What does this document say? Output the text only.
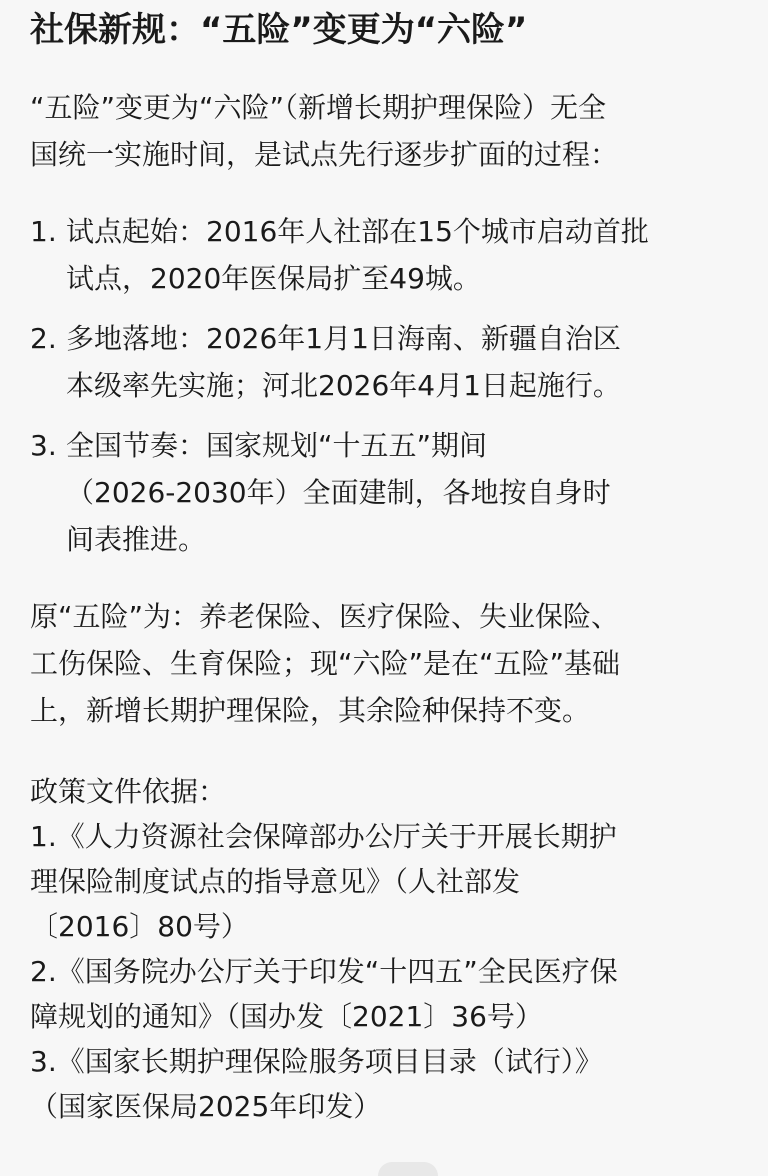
社保新规：“五险”变更为“六险”

“五险”变更为“六险”（新增长期护理保险）无全
国统一实施时间，是试点先行逐步扩面的过程：

1. 试点起始：2016年人社部在15个城市启动首批
试点，2020年医保局扩至49城。
2. 多地落地：2026年1月1日海南、新疆自治区
本级率先实施；河北2026年4月1日起施行。
3. 全国节奏：国家规划“十五五”期间
（2026-2030年）全面建制，各地按自身时
间表推进。

原“五险”为：养老保险、医疗保险、失业保险、
工伤保险、生育保险；现“六险”是在“五险”基础
上，新增长期护理保险，其余险种保持不变。

政策文件依据：

1.《人力资源社会保障部办公厅关于开展长期护
理保险制度试点的指导意见》（人社部发
〔2016〕80号）
2.《国务院办公厅关于印发“十四五”全民医疗保
障规划的通知》（国办发〔2021〕36号）
3.《国家长期护理保险服务项目目录（试行）》
（国家医保局2025年印发）
